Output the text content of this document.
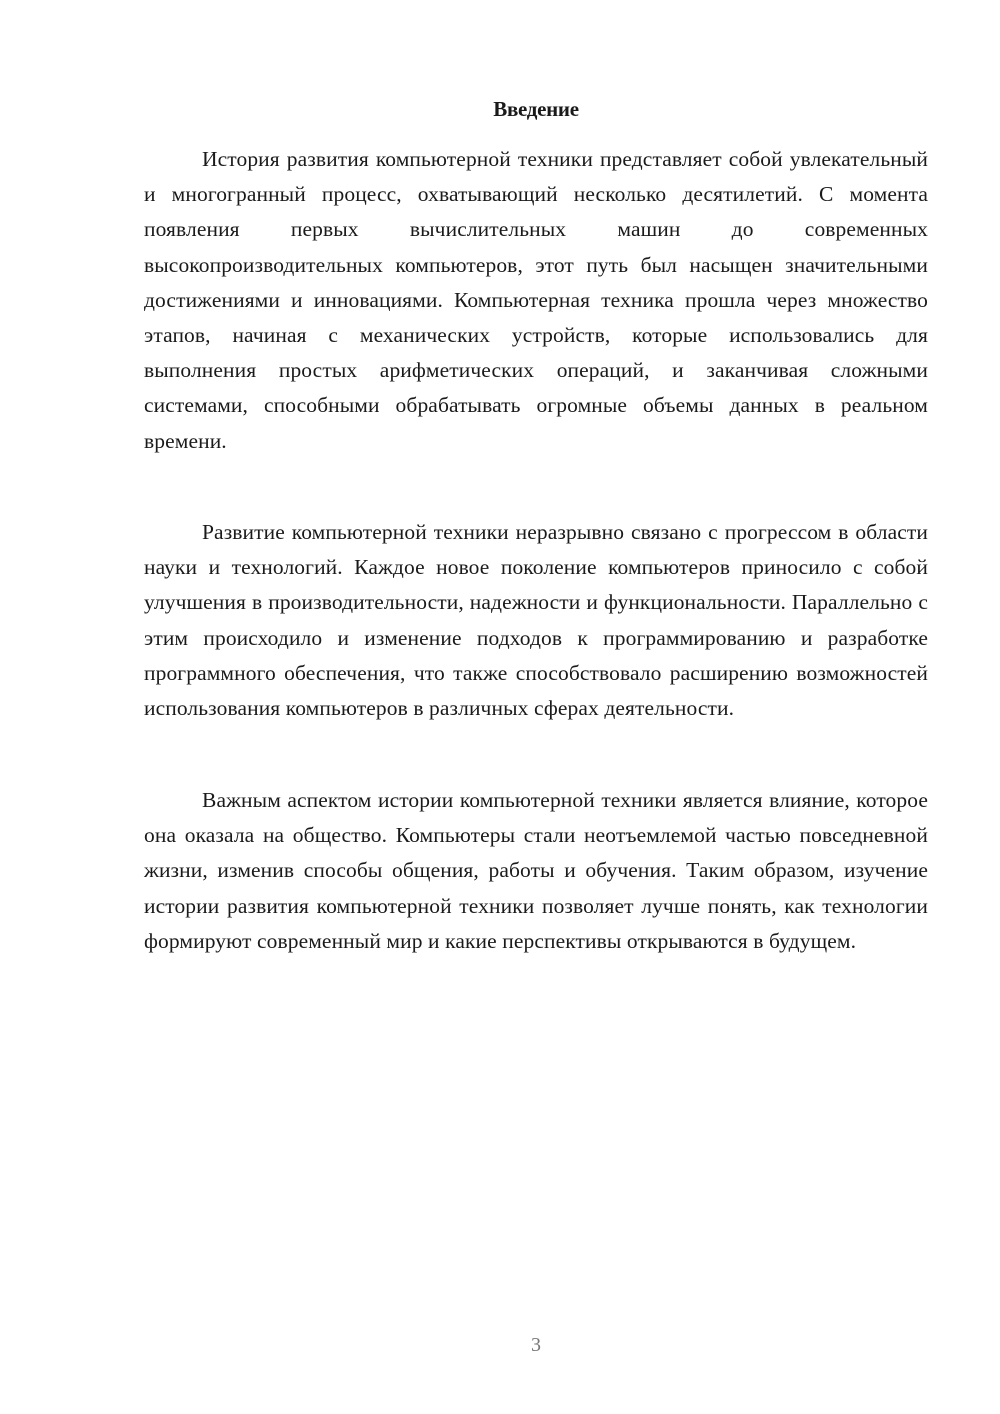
Введение

История развития компьютерной техники представляет собой увлекательный и многогранный процесс, охватывающий несколько десятилетий. С момента появления первых вычислительных машин до современных высокопроизводительных компьютеров, этот путь был насыщен значительными достижениями и инновациями. Компьютерная техника прошла через множество этапов, начиная с механических устройств, которые использовались для выполнения простых арифметических операций, и заканчивая сложными системами, способными обрабатывать огромные объемы данных в реальном времени.

Развитие компьютерной техники неразрывно связано с прогрессом в области науки и технологий. Каждое новое поколение компьютеров приносило с собой улучшения в производительности, надежности и функциональности. Параллельно с этим происходило и изменение подходов к программированию и разработке программного обеспечения, что также способствовало расширению возможностей использования компьютеров в различных сферах деятельности.

Важным аспектом истории компьютерной техники является влияние, которое она оказала на общество. Компьютеры стали неотъемлемой частью повседневной жизни, изменив способы общения, работы и обучения. Таким образом, изучение истории развития компьютерной техники позволяет лучше понять, как технологии формируют современный мир и какие перспективы открываются в будущем.

3
